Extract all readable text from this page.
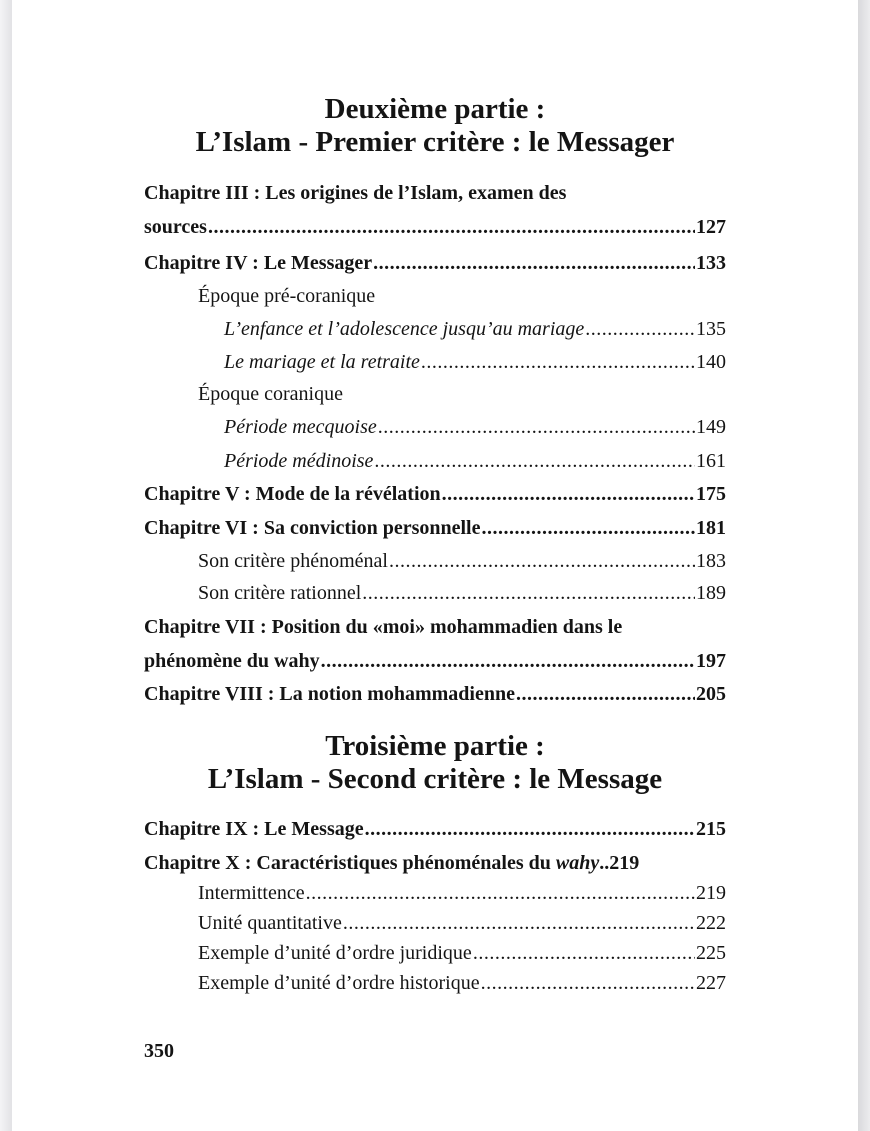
Deuxième partie :
L’Islam - Premier critère : le Messager
Chapitre III : Les origines de l’Islam, examen des
sources .....	127
Chapitre IV : Le Messager .....	133
Époque pré-coranique
L’enfance et l’adolescence jusqu’au mariage .....	135
Le mariage et la retraite .....	140
Époque coranique
Période mecquoise .....	149
Période médinoise .....	161
Chapitre V : Mode de la révélation .....	175
Chapitre VI : Sa conviction personnelle .....	181
Son critère phénoménal .....	183
Son critère rationnel .....	189
Chapitre VII : Position du «moi» mohammadien dans le
phénomène du wahy .....	197
Chapitre VIII : La notion mohammadienne .....	205
Troisième partie :
L’Islam - Second critère : le Message
Chapitre IX : Le Message .....	215
Chapitre X : Caractéristiques phénoménales du wahy .. 219
Intermittence .....	219
Unité quantitative .....	222
Exemple d’unité d’ordre juridique .....	225
Exemple d’unité d’ordre historique .....	227
350
